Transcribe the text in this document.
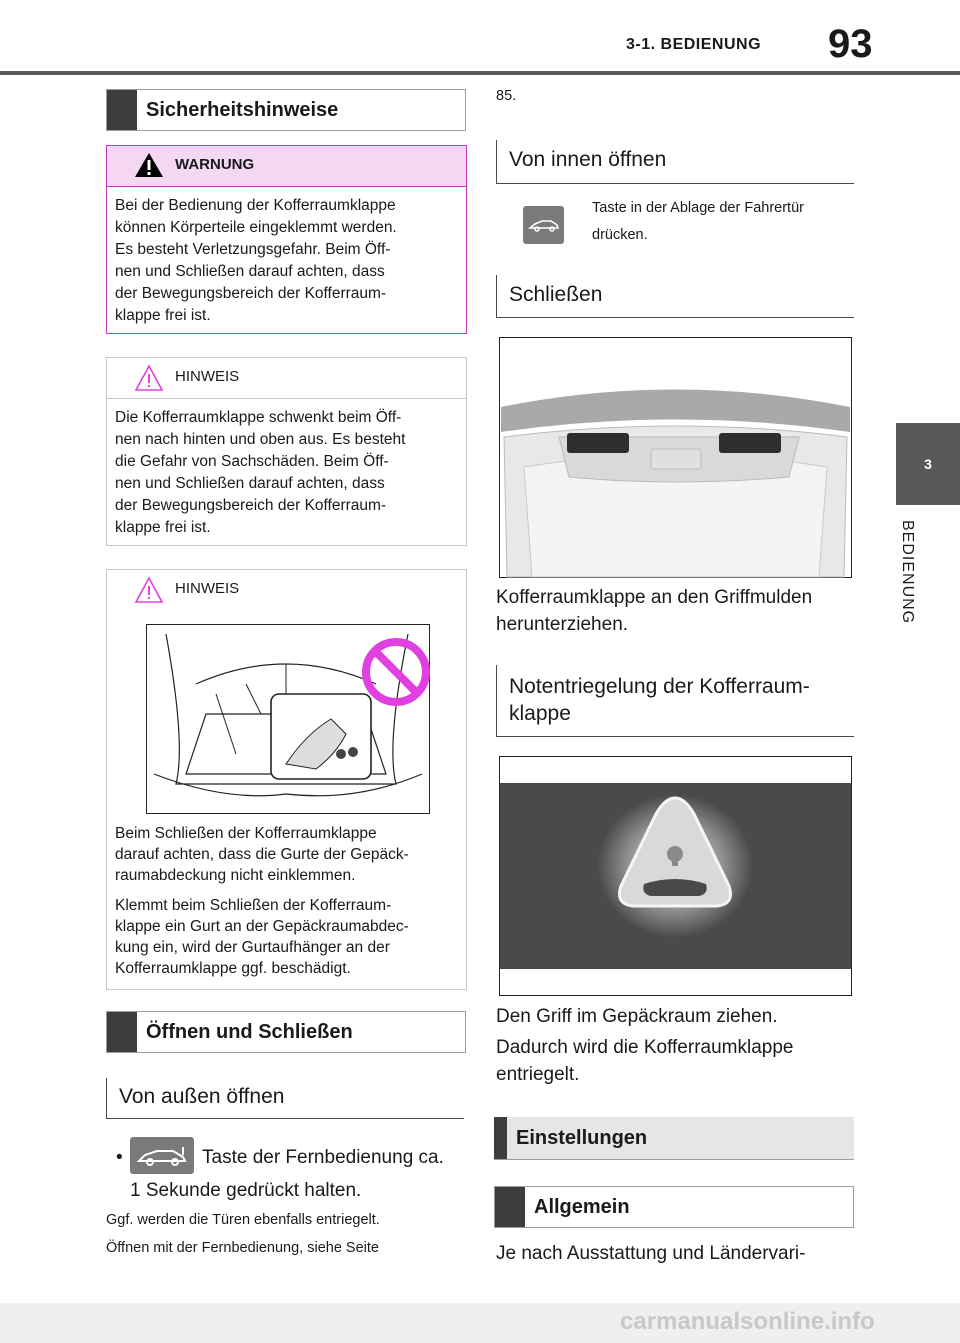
3-1. BEDIENUNG 93
3
BEDIENUNG
Sicherheitshinweise
WARNUNG
Bei der Bedienung der Kofferraumklappe
können Körperteile eingeklemmt werden.
Es besteht Verletzungsgefahr. Beim Öff-
nen und Schließen darauf achten, dass
der Bewegungsbereich der Kofferraum-
klappe frei ist.
HINWEIS
Die Kofferraumklappe schwenkt beim Öff-
nen nach hinten und oben aus. Es besteht
die Gefahr von Sachschäden. Beim Öff-
nen und Schließen darauf achten, dass
der Bewegungsbereich der Kofferraum-
klappe frei ist.
HINWEIS
Beim Schließen der Kofferraumklappe
darauf achten, dass die Gurte der Gepäck-
raumabdeckung nicht einklemmen.
Klemmt beim Schließen der Kofferraum-
klappe ein Gurt an der Gepäckraumabdec-
kung ein, wird der Gurtaufhänger an der
Kofferraumklappe ggf. beschädigt.
Öffnen und Schließen
Von außen öffnen
•	Taste der Fernbedienung ca.
1 Sekunde gedrückt halten.
Ggf. werden die Türen ebenfalls entriegelt.
Öffnen mit der Fernbedienung, siehe Seite
85.
Von innen öffnen
Taste in der Ablage der Fahrertür
drücken.
Schließen
Kofferraumklappe an den Griffmulden
herunterziehen.
Notentriegelung der Kofferraum-
klappe
Den Griff im Gepäckraum ziehen.
Dadurch wird die Kofferraumklappe
entriegelt.
Einstellungen
Allgemein
Je nach Ausstattung und Ländervari-
carmanualsonline.info
